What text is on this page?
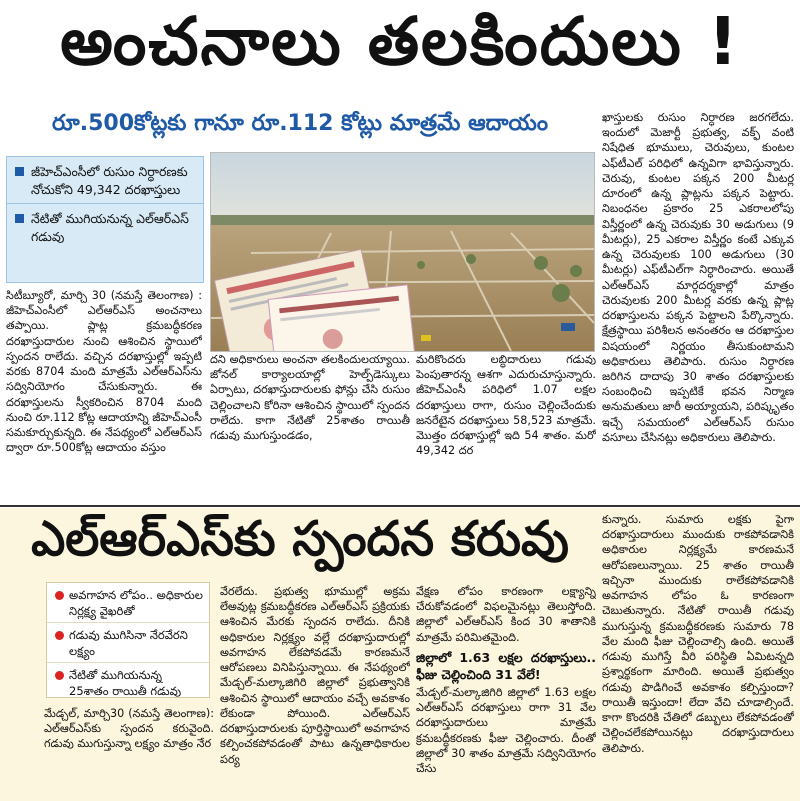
అంచనాలు తలకిందులు !
రూ.500కోట్లకు గానూ రూ.112 కోట్లు మాత్రమే ఆదాయం
జీహెచ్‌ఎంసీలో రుసుం నిర్ధారణకు నోచుకోని 49,342 దరఖాస్తులు
నేటితో ముగియనున్న ఎల్‌ఆర్‌ఎస్ గడువు

సిటీబ్యూరో, మార్చి 30 (నమస్తే తెలంగాణ) : జీహెచ్‌ఎంసీలో ఎల్‌ఆర్‌ఎస్ అంచనాలు తప్పాయి. ప్లాట్ల క్రమబద్ధీకరణ దరఖాస్తుదారుల నుంచి ఆశించిన స్థాయిలో స్పందన రాలేదు. వచ్చిన దరఖాస్తుల్లో ఇప్పటి వరకు 8704 మంది మాత్రమే ఎల్‌ఆర్‌ఎస్‌ను సద్వినియోగం చేసుకున్నారు. ఈ దరఖాస్తులను స్వీకరించిన 8704 మంది నుంచి రూ.112 కోట్ల ఆదాయాన్ని జీహెచ్‌ఎంసీ సమకూర్చుకున్నది. ఈ నేపథ్యంలో ఎల్‌ఆర్‌ఎస్ ద్వారా రూ.500కోట్ల ఆదాయం వస్తుం

దని అధికారులు అంచనా తలకిందులయ్యాయి. జోనల్ కార్యాలయాల్లో హెల్ప్‌డెస్కులు ఏర్పాటు, దరఖాస్తుదారులకు ఫోన్లు చేసి రుసుం చెల్లించాలని కోరినా ఆశించిన స్థాయిలో స్పందన రాలేదు. కాగా నేటితో 25శాతం రాయితీ గడువు ముగుస్తుండడం,

మరికొందరు లబ్ధిదారులు గడువు పెంపుతారన్న ఆశగా ఎదురుచూస్తున్నారు. జీహెచ్‌ఎంసీ పరిధిలో 1.07 లక్షల దరఖాస్తులు రాగా, రుసుం చెల్లించేందుకు జనరేటైన దరఖాస్తులు 58,523 మాత్రమే. మొత్తం దరఖాస్తుల్లో ఇది 54 శాతం. మరో 49,342 దర

ఖాస్తులకు రుసుం నిర్ధారణ జరగలేదు. ఇందులో మెజార్టీ ప్రభుత్వ, వక్ఫ్ వంటి నిషేధిత భూములు, చెరువులు, కుంటల ఎఫ్‌టీఎల్ పరిధిలో ఉన్నవిగా భావిస్తున్నారు. చెరువు, కుంటల పక్కన 200 మీటర్ల దూరంలో ఉన్న ప్లాట్లను పక్కన పెట్టారు. నిబంధనల ప్రకారం 25 ఎకరాలలోపు విస్తీర్ణంలో ఉన్న చెరువుకు 30 అడుగులు (9 మీటర్లు), 25 ఎకరాల విస్తీర్ణం కంటే ఎక్కువ ఉన్న చెరువులకు 100 అడుగులు (30 మీటర్లు) ఎఫ్‌టీఎల్‌గా నిర్ధారించారు. అయితే ఎల్‌ఆర్‌ఎస్ మార్గదర్శకాల్లో మాత్రం చెరువులకు 200 మీటర్ల వరకు ఉన్న ప్లాట్ల దరఖాస్తులను పక్కన పెట్టాలని పేర్కొన్నారు. క్షేత్రస్థాయి పరిశీలన అనంతరం ఆ దరఖాస్తుల విషయంలో నిర్ణయం తీసుకుంటామని అధికారులు తెలిపారు. రుసుం నిర్ధారణ జరిగిన దాదాపు 30 శాతం దరఖాస్తులకు సంబంధించి ఇప్పటికే భవన నిర్మాణ అనుమతులు జారీ అయ్యాయని, పరిష్కృతం ఇచ్చే సమయంలో ఎల్‌ఆర్‌ఎస్ రుసుం వసూలు చేసినట్లు అధికారులు తెలిపారు.

ఎల్‌ఆర్‌ఎస్‌కు స్పందన కరువు
అవగాహన లోపం.. అధికారుల నిర్లక్ష్య వైఖరితో
గడువు ముగిసినా నేరవేరని లక్ష్యం
నేటితో ముగియనున్న 25శాతం రాయితీ గడువు

మేడ్చల్, మార్చి30 (నమస్తే తెలంగాణ): ఎల్‌ఆర్‌ఎస్‌కు స్పందన కరువైంది. గడువు ముగుస్తున్నా లక్ష్యం మాత్రం నేర

వేరలేదు. ప్రభుత్వ భూముల్లో అక్రమ లేఅవుట్ల క్రమబద్ధీకరణ ఎల్‌ఆర్‌ఎస్ ప్రక్రియకు ఆశించిన మేరకు స్పందన రాలేదు. దీనికి అధికారుల నిర్లక్ష్యం వల్లే దరఖాస్తుదారుల్లో అవగాహన లేకపోవడమే కారణమనే ఆరోపణలు వినిపిస్తున్నాయి. ఈ నేపథ్యంలో మేడ్చల్-మల్కాజిగిరి జిల్లాలో ప్రభుత్వానికి ఆశించిన స్థాయిలో ఆదాయం వచ్చే అవకాశం లేకుండా పోయింది. ఎల్‌ఆర్‌ఎస్ దరఖాస్తుదారులకు పూర్తిస్థాయిలో అవగాహన కల్పించకపోవడంతో పాటు ఉన్నతాధికారుల పర్య

వేక్షణ లోపం కారణంగా లక్ష్యాన్ని చేరుకోవడంలో విఫలమైనట్లు తెలుస్తోంది. జిల్లాలో ఎల్‌ఆర్‌ఎస్ కింద 30 శాతానికి మాత్రమే పరిమితమైంది.

జిల్లాలో 1.63 లక్షల దరఖాస్తులు.. ఫీజు చెల్లించింది 31 వేలే!

మేడ్చల్-మల్కాజిగిరి జిల్లాలో 1.63 లక్షల ఎల్‌ఆర్‌ఎస్ దరఖాస్తులు రాగా 31 వేల దరఖాస్తుదారులు మాత్రమే క్రమబద్ధీకరణకు ఫీజు చెల్లించారు. దీంతో జిల్లాలో 30 శాతం మాత్రమే సద్వినియోగం చేసు

కున్నారు. సుమారు లక్షకు పైగా దరఖాస్తుదారులు ముందుకు రాకపోవడానికి అధికారుల నిర్లక్ష్యమే కారణమనే ఆరోపణలున్నాయి. 25 శాతం రాయితీ ఇచ్చినా ముందుకు రాలేకపోవడానికి అవగాహన లోపం ఓ కారణంగా చెబుతున్నారు. నేటితో రాయితీ గడువు ముగుస్తున్న క్రమబద్ధీకరణకు సుమారు 78 వేల మంది ఫీజు చెల్లించాల్సి ఉంది. అయితే గడువు ముగిస్తే వీరి పరిస్థితి ఏమిటన్నది ప్రశ్నార్థకంగా మారింది. అయితే ప్రభుత్వం గడువు పొడిగించే అవకాశం కల్పిస్తుందా? రాయితీ ఇస్తుందా! లేదా వేచి చూడాల్సిందే. కాగా కొందరికి చేతిలో డబ్బులు లేకపోవడంతో చెల్లించలేకపోయినట్లు దరఖాస్తుదారులు తెలిపారు.
